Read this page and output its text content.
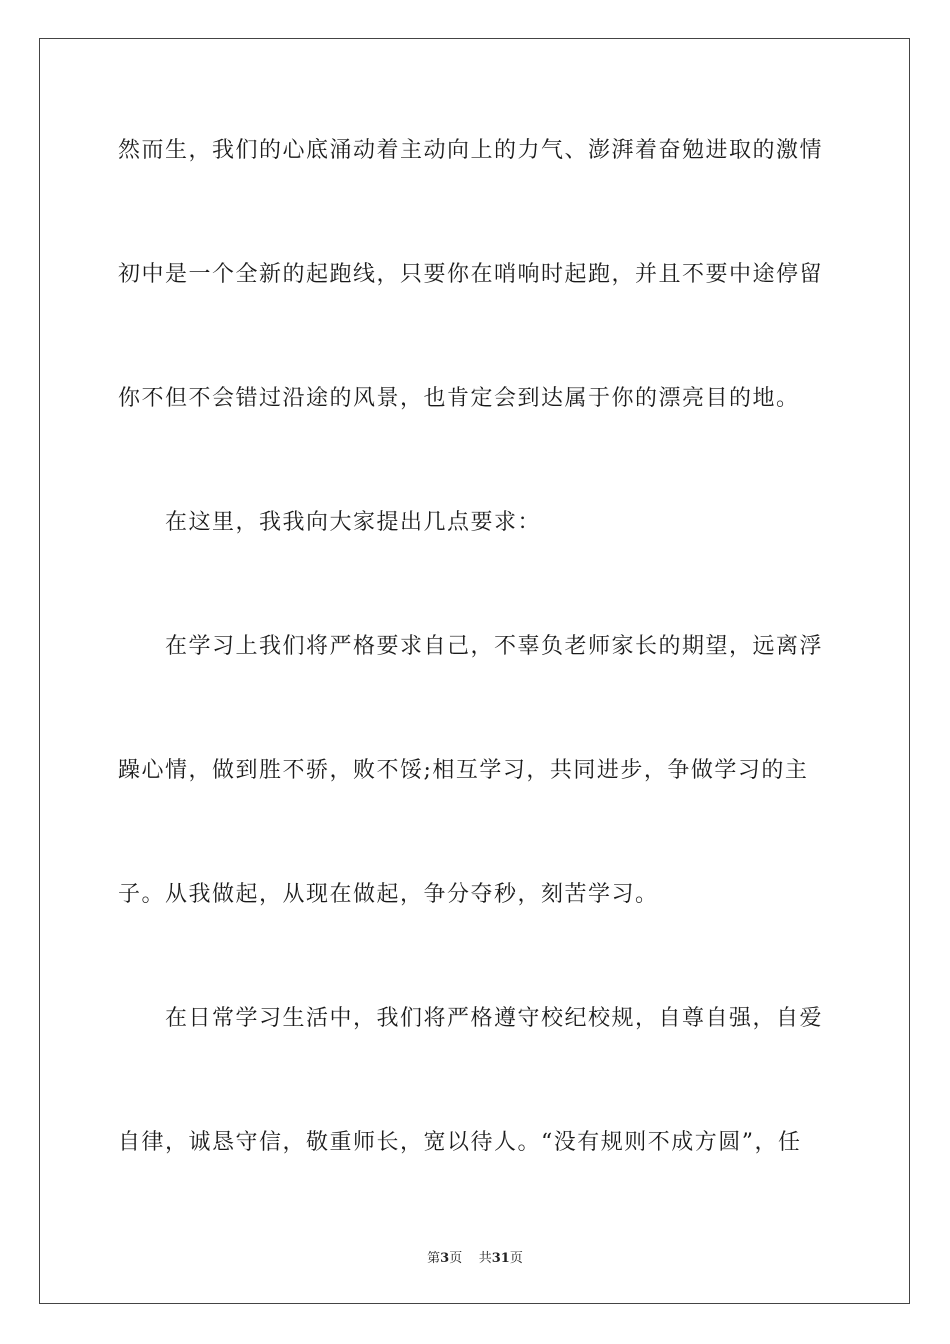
然而生，我们的心底涌动着主动向上的力气、澎湃着奋勉进取的激情
初中是一个全新的起跑线，只要你在哨响时起跑，并且不要中途停留
你不但不会错过沿途的风景，也肯定会到达属于你的漂亮目的地。
在这里，我我向大家提出几点要求：
在学习上我们将严格要求自己，不辜负老师家长的期望，远离浮
躁心情，做到胜不骄，败不馁;相互学习，共同进步，争做学习的主
子。从我做起，从现在做起，争分夺秒，刻苦学习。
在日常学习生活中，我们将严格遵守校纪校规，自尊自强，自爱
自律，诚恳守信，敬重师长，宽以待人。“没有规则不成方圆”，任
第3页 共31页
